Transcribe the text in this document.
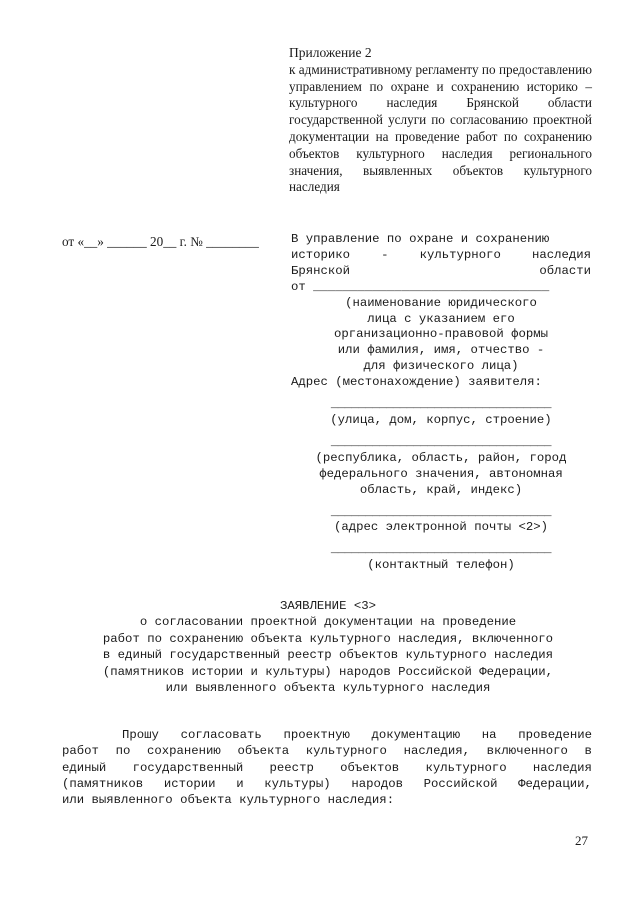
Приложение 2
к административному регламенту по предоставлению управлением по охране и сохранению историко – культурного наследия Брянской области государственной услуги по согласованию проектной документации на проведение работ по сохранению объектов культурного наследия регионального значения, выявленных объектов культурного наследия
от «__» ______ 20__ г. № ________	В управление по охране и сохранению
историко	-	культурного	наследия
Брянской	области
от ________________________________
(наименование юридического
лица с указанием его
организационно-правовой формы
или фамилия, имя, отчество -
для физического лица)
Адрес (местонахождение) заявителя:
________________________________
(улица, дом, корпус, строение)
________________________________
(республика, область, район, город
федерального значения, автономная
область, край, индекс)
________________________________
(адрес электронной почты <2>)
________________________________
(контактный телефон)
ЗАЯВЛЕНИЕ <3>
о согласовании проектной документации на проведение
работ по сохранению объекта культурного наследия, включенного
в единый государственный реестр объектов культурного наследия
(памятников истории и культуры) народов Российской Федерации,
или выявленного объекта культурного наследия
Прошу согласовать проектную документацию на проведение
работ по сохранению объекта культурного наследия, включенного в
единый государственный реестр объектов культурного наследия
(памятников истории и культуры) народов Российской Федерации,
или выявленного объекта культурного наследия:
27
